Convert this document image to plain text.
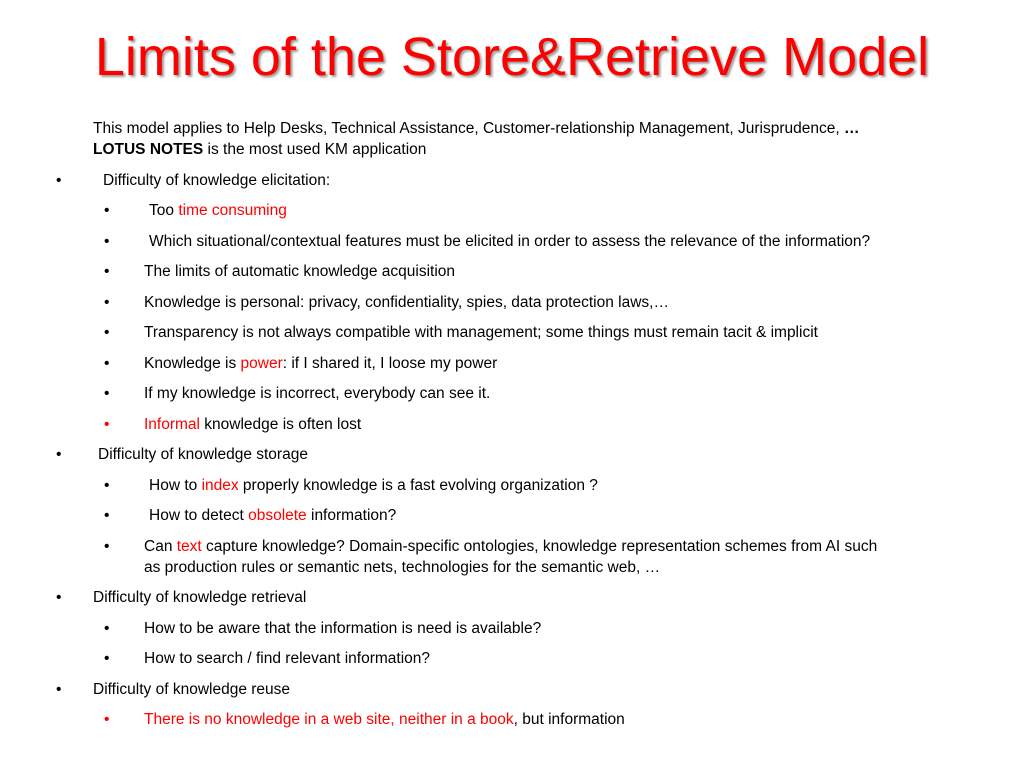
Limits of the Store&Retrieve Model
This model applies to Help Desks, Technical Assistance, Customer-relationship Management, Jurisprudence, …
LOTUS NOTES is the most used KM application
•	Difficulty of knowledge elicitation:
•	Too time consuming
•	Which situational/contextual features must be elicited in order to assess the relevance of the information?
• The limits of automatic knowledge acquisition
• Knowledge is personal: privacy, confidentiality, spies, data protection laws,…
• Transparency is not always compatible with management; some things must remain tacit & implicit
• Knowledge is power: if I shared it, I loose my power
• If my knowledge is incorrect, everybody can see it.
• Informal knowledge is often lost
• Difficulty of knowledge storage
•	How to index properly knowledge is a fast evolving organization ?
•	How to detect obsolete information?
• Can text capture knowledge? Domain-specific ontologies, knowledge representation schemes from AI such
as production rules or semantic nets, technologies for the semantic web, …
• Difficulty of knowledge retrieval
• How to be aware that the information is need is available?
• How to search / find relevant information?
• Difficulty of knowledge reuse
• There is no knowledge in a web site, neither in a book, but information
